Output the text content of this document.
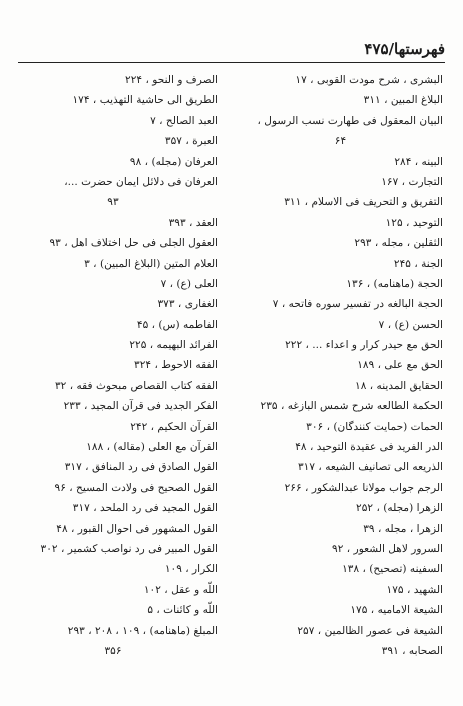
فهرستها/۴۷۵
البشرى ، شرح مودت القوبى ، ۱۷
البلاغ المبين ، ۳۱۱
البيان المعقول فى طهارت نسب الرسول ،
۶۴
البينه ، ۲۸۴
التجارت ، ۱۶۷
التفريق و التحريف فى الاسلام ، ۳۱۱
التوحيد ، ۱۲۵
الثقلين ، مجله ، ۲۹۳
الجنة ، ۲۴۵
الحجة (ماهنامه) ، ۱۳۶
الحجة البالغه در تفسير سوره فاتحه ، ۷
الحسن (ع) ، ۷
الحق مع حيدر كرار و اعداء ... ، ۲۲۲
الحق مع على ، ۱۸۹
الحقايق المدينه ، ۱۸
الحكمة الطالعه شرح شمس البازغه ، ۲۳۵
الحمات (حمايت كنندگان) ، ۳۰۶
الدر الفريد فى عقيدة التوحيد ، ۴۸
الذريعه الى تصانيف الشيعه ، ۳۱۷
الرجم جواب مولانا عبدالشكور ، ۲۶۶
الزهرا (مجله) ، ۲۵۲
الزهرا ، مجله ، ۳۹
السرور لاهل الشعور ، ۹۲
السفينه (تصحيح) ، ۱۳۸
الشهيد ، ۱۷۵
الشيعة الاماميه ، ۱۷۵
الشيعة فى عصور الظالمين ، ۲۵۷
الصحابه ، ۳۹۱
الصرف و النحو ، ۲۲۴
الطريق الى حاشية التهذيب ، ۱۷۴
العبد الصالح ، ۷
العبرة ، ۳۵۷
العرفان (مجله) ، ۹۸
العرفان فى دلائل ايمان حضرت ...،
۹۳
العقد ، ۳۹۳
العقول الجلى فى حل اختلاف اهل ، ۹۳
العلام المتين (البلاغ المبين) ، ۳
العلى (ع) ، ۷
الغفارى ، ۳۷۳
الفاطمه (س) ، ۴۵
الفرائد البهيمه ، ۲۲۵
الفقه الاحوط ، ۳۲۴
الفقه كتاب القصاص مبحوث فقه ، ۳۲
الفكر الجديد فى قرآن المجيد ، ۲۳۳
القرآن الحكيم ، ۲۴۲
القرآن مع العلى (مقاله) ، ۱۸۸
القول الصادق فى رد المنافق ، ۳۱۷
القول الصحيح فى ولادت المسيح ، ۹۶
القول المجيد فى رد الملحد ، ۳۱۷
القول المشهور فى احوال القبور ، ۴۸
القول المبير فى رد نواصب كشمير ، ۳۰۲
الكرار ، ۱۰۹
اللّه و عقل ، ۱۰۲
اللّه و كائنات ، ۵
المبلغ (ماهنامه) ، ۱۰۹ ، ۲۰۸ ، ۲۹۳
۳۵۶
